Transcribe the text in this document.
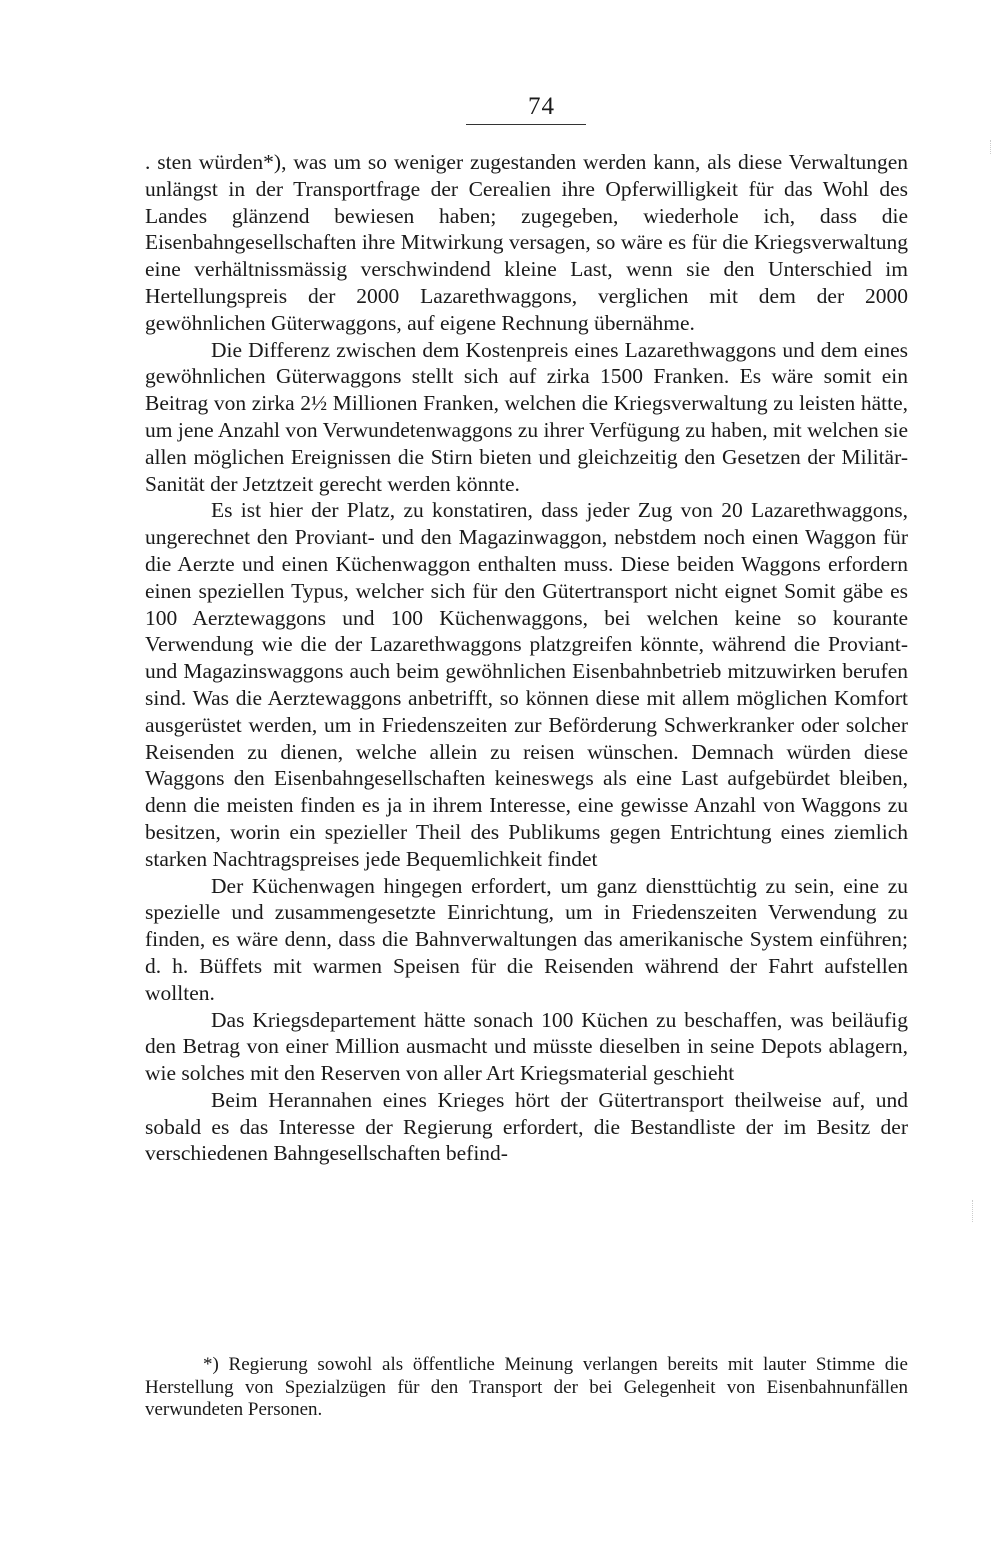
74

. sten würden*), was um so weniger zugestanden werden kann, als diese Verwaltungen unlängst in der Transportfrage der Cerealien ihre Opferwilligkeit für das Wohl des Landes glänzend bewiesen haben; zugegeben, wiederhole ich, dass die Eisenbahngesellschaften ihre Mitwirkung versagen, so wäre es für die Kriegsverwaltung eine verhältnissmässig verschwindend kleine Last, wenn sie den Unterschied im Hertellungspreis der 2000 Lazarethwaggons, verglichen mit dem der 2000 gewöhnlichen Güterwaggons, auf eigene Rechnung übernähme.

Die Differenz zwischen dem Kostenpreis eines Lazarethwaggons und dem eines gewöhnlichen Güterwaggons stellt sich auf zirka 1500 Franken. Es wäre somit ein Beitrag von zirka 2½ Millionen Franken, welchen die Kriegsverwaltung zu leisten hätte, um jene Anzahl von Verwundetenwaggons zu ihrer Verfügung zu haben, mit welchen sie allen möglichen Ereignissen die Stirn bieten und gleichzeitig den Gesetzen der Militär-Sanität der Jetztzeit gerecht werden könnte.

Es ist hier der Platz, zu konstatiren, dass jeder Zug von 20 Lazarethwaggons, ungerechnet den Proviant- und den Magazinwaggon, nebstdem noch einen Waggon für die Aerzte und einen Küchenwaggon enthalten muss. Diese beiden Waggons erfordern einen speziellen Typus, welcher sich für den Gütertransport nicht eignet Somit gäbe es 100 Aerztewaggons und 100 Küchenwaggons, bei welchen keine so kourante Verwendung wie die der Lazarethwaggons platzgreifen könnte, während die Proviant- und Magazinswaggons auch beim gewöhnlichen Eisenbahnbetrieb mitzuwirken berufen sind. Was die Aerztewaggons anbetrifft, so können diese mit allem möglichen Komfort ausgerüstet werden, um in Friedenszeiten zur Beförderung Schwerkranker oder solcher Reisenden zu dienen, welche allein zu reisen wünschen. Demnach würden diese Waggons den Eisenbahngesellschaften keineswegs als eine Last aufgebürdet bleiben, denn die meisten finden es ja in ihrem Interesse, eine gewisse Anzahl von Waggons zu besitzen, worin ein spezieller Theil des Publikums gegen Entrichtung eines ziemlich starken Nachtragspreises jede Bequemlichkeit findet

Der Küchenwagen hingegen erfordert, um ganz diensttüchtig zu sein, eine zu spezielle und zusammengesetzte Einrichtung, um in Friedenszeiten Verwendung zu finden, es wäre denn, dass die Bahnverwaltungen das amerikanische System einführen; d. h. Büffets mit warmen Speisen für die Reisenden während der Fahrt aufstellen wollten.

Das Kriegsdepartement hätte sonach 100 Küchen zu beschaffen, was beiläufig den Betrag von einer Million ausmacht und müsste dieselben in seine Depots ablagern, wie solches mit den Reserven von aller Art Kriegsmaterial geschieht

Beim Herannahen eines Krieges hört der Gütertransport theilweise auf, und sobald es das Interesse der Regierung erfordert, die Bestandliste der im Besitz der verschiedenen Bahngesellschaften befind-

*) Regierung sowohl als öffentliche Meinung verlangen bereits mit lauter Stimme die Herstellung von Spezialzügen für den Transport der bei Gelegenheit von Eisenbahnunfällen verwundeten Personen.
